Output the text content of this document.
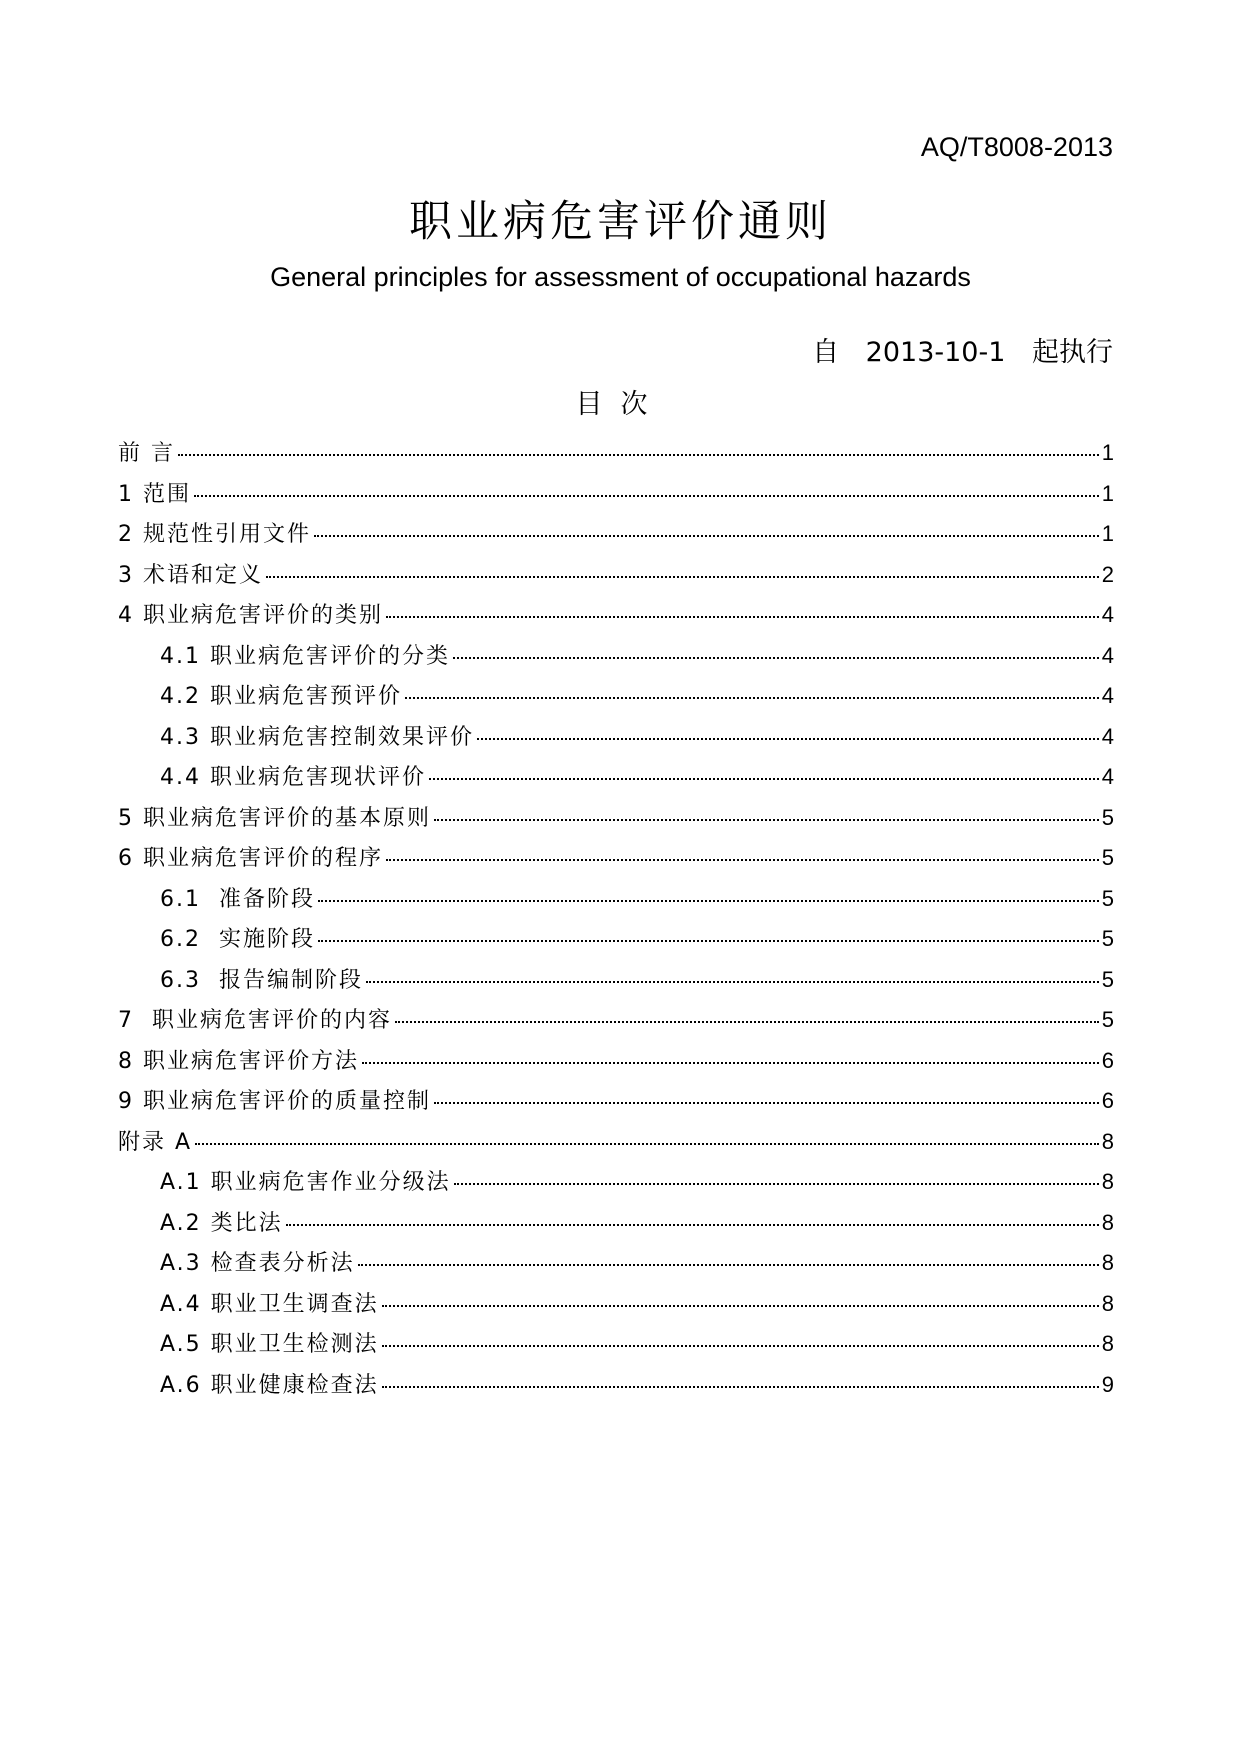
AQ/T8008-2013
职业病危害评价通则
General principles for assessment of occupational hazards
自 2013-10-1 起执行
目次
前 言	1
1 范围	1
2 规范性引用文件	1
3 术语和定义	2
4 职业病危害评价的类别	4
4.1 职业病危害评价的分类	4
4.2 职业病危害预评价	4
4.3 职业病危害控制效果评价	4
4.4 职业病危害现状评价	4
5 职业病危害评价的基本原则	5
6 职业病危害评价的程序	5
6.1  准备阶段	5
6.2  实施阶段	5
6.3  报告编制阶段	5
7  职业病危害评价的内容	5
8 职业病危害评价方法	6
9 职业病危害评价的质量控制	6
附录 A	8
A.1 职业病危害作业分级法	8
A.2 类比法	8
A.3 检查表分析法	8
A.4 职业卫生调查法	8
A.5 职业卫生检测法	8
A.6 职业健康检查法	9
